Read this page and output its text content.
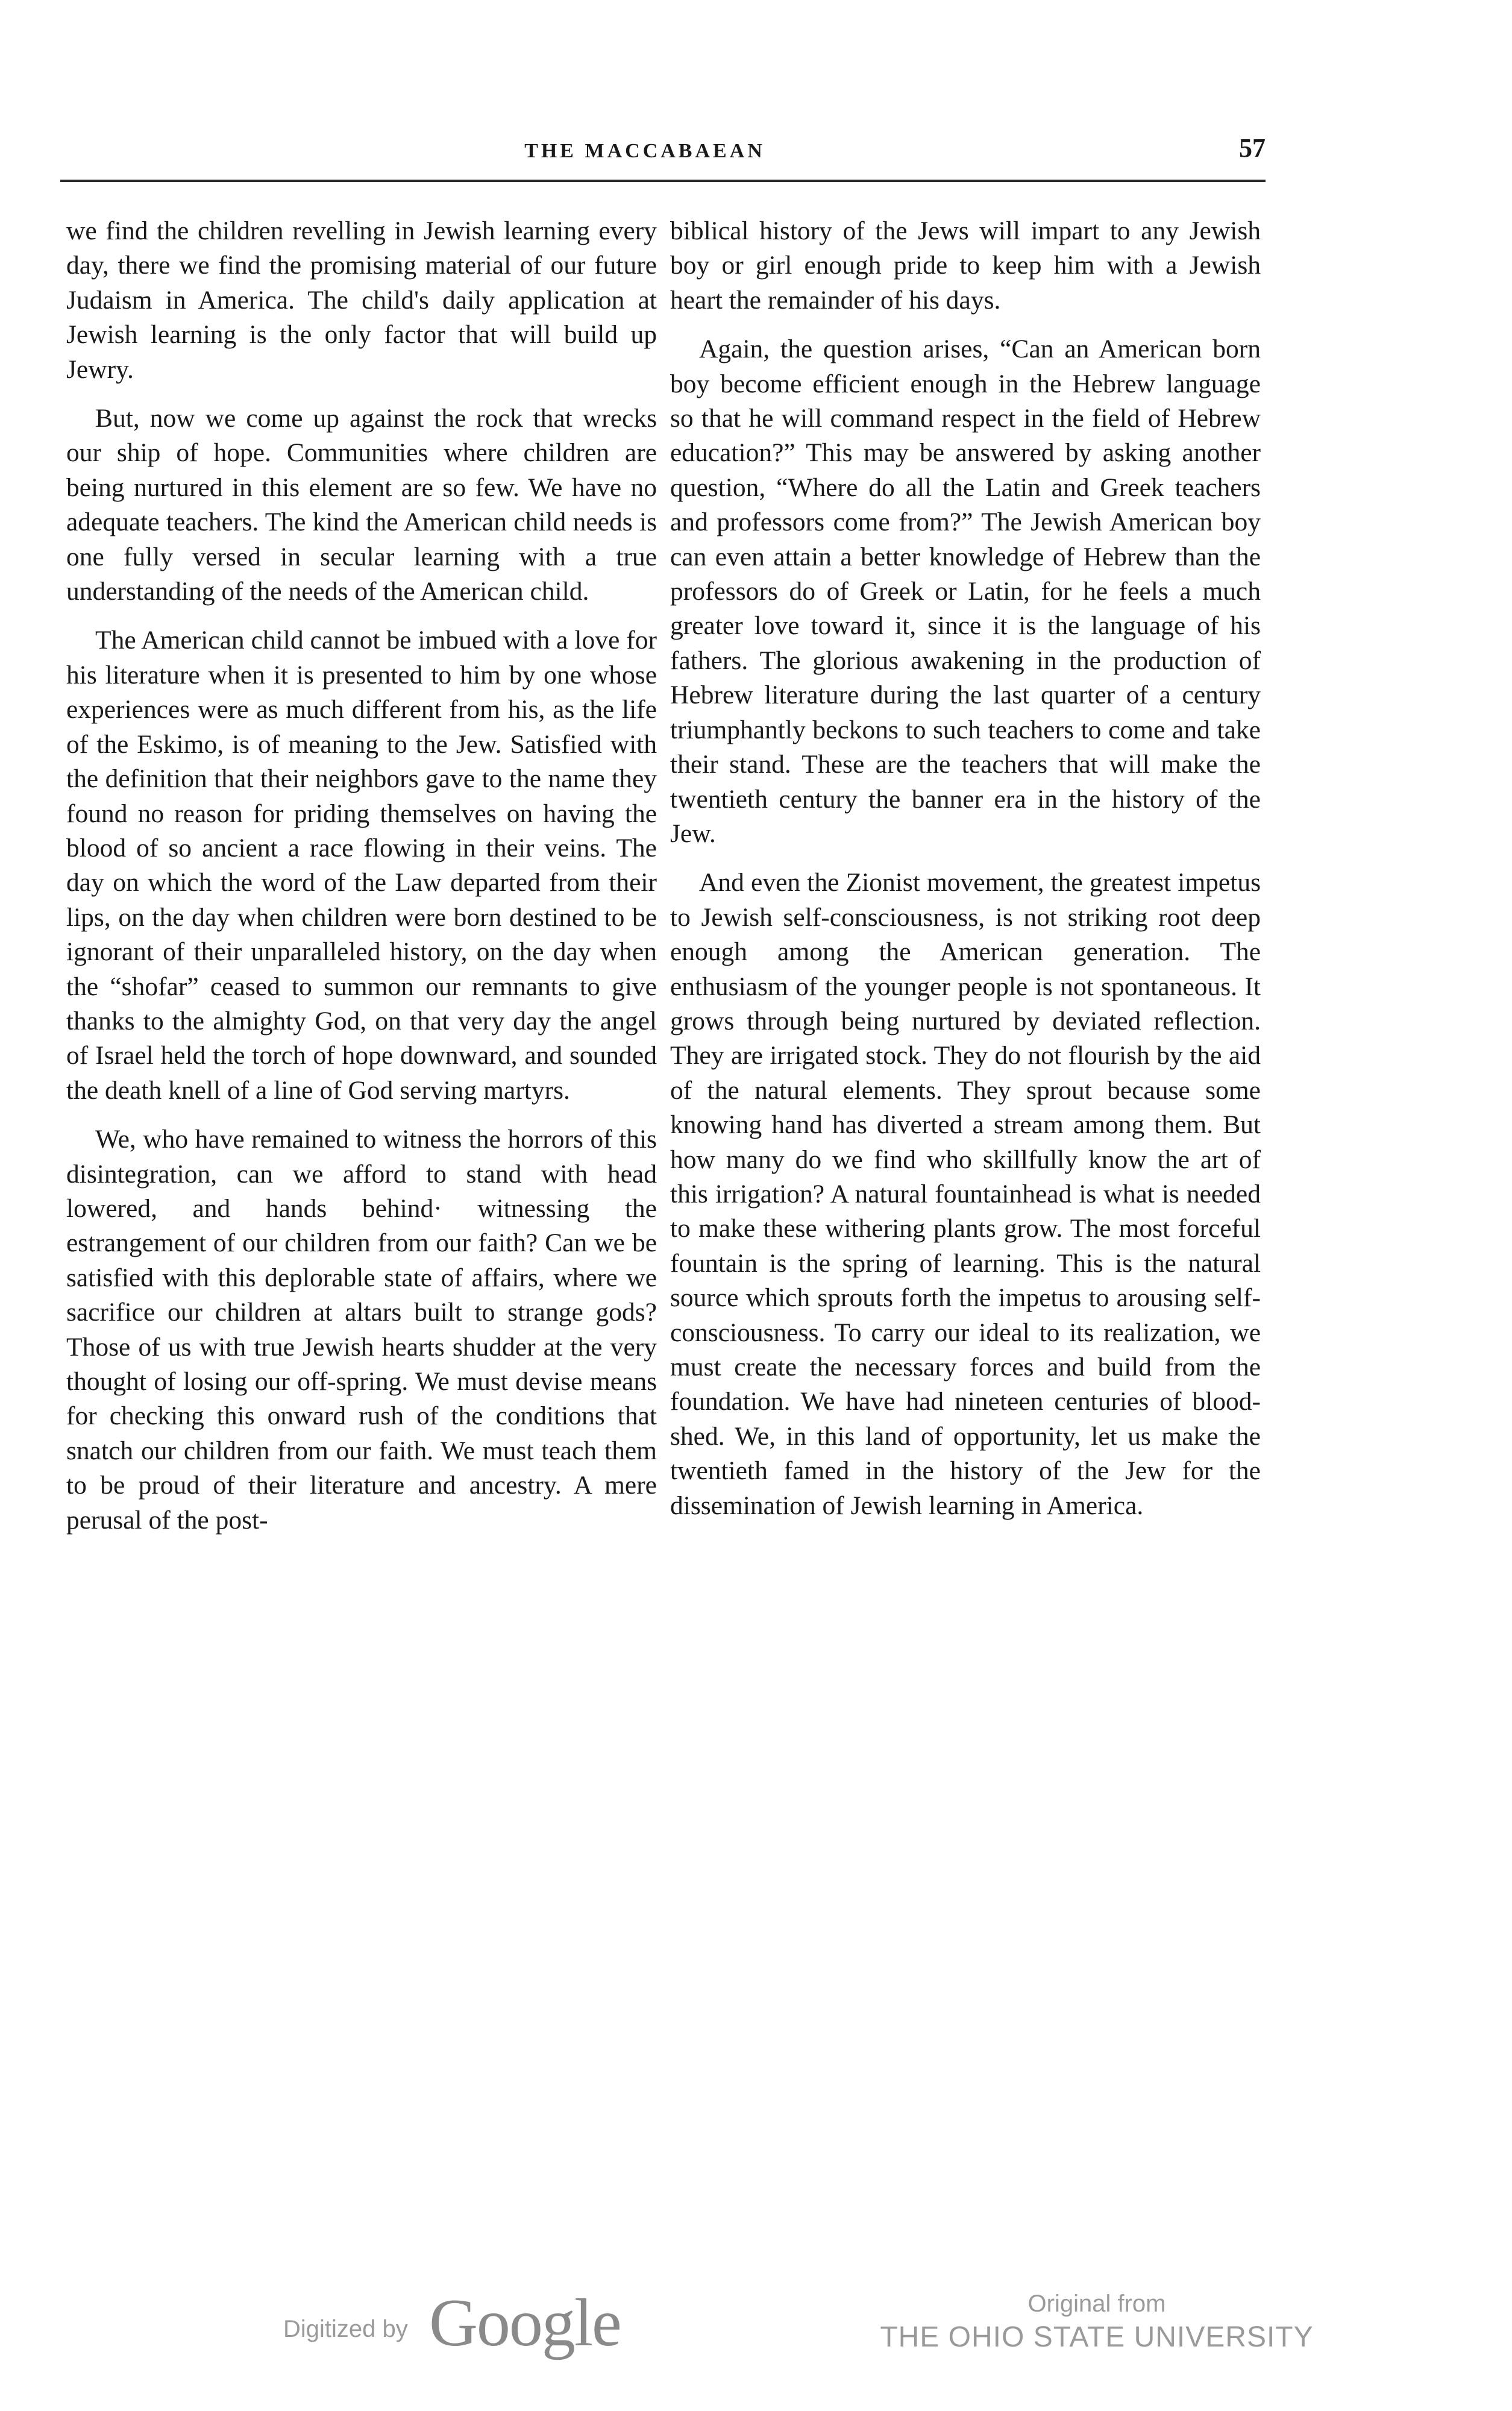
THE MACCABAEAN	57

we find the children revelling in Jewish learning every day, there we find the promising material of our future Judaism in America. The child's daily application at Jewish learning is the only factor that will build up Jewry.

But, now we come up against the rock that wrecks our ship of hope. Communities where children are being nurtured in this element are so few. We have no adequate teachers. The kind the American child needs is one fully versed in secular learning with a true understanding of the needs of the American child.

The American child cannot be imbued with a love for his literature when it is presented to him by one whose experiences were as much different from his, as the life of the Eskimo, is of meaning to the Jew. Satisfied with the definition that their neighbors gave to the name they found no reason for priding themselves on having the blood of so ancient a race flowing in their veins. The day on which the word of the Law departed from their lips, on the day when children were born destined to be ignorant of their unparalleled history, on the day when the “shofar” ceased to summon our remnants to give thanks to the almighty God, on that very day the angel of Israel held the torch of hope downward, and sounded the death knell of a line of God serving martyrs.

We, who have remained to witness the horrors of this disintegration, can we afford to stand with head lowered, and hands behind· witnessing the estrangement of our children from our faith? Can we be satisfied with this deplorable state of affairs, where we sacrifice our children at altars built to strange gods? Those of us with true Jewish hearts shudder at the very thought of losing our off-spring. We must devise means for checking this onward rush of the conditions that snatch our children from our faith. We must teach them to be proud of their literature and ancestry. A mere perusal of the post-

biblical history of the Jews will impart to any Jewish boy or girl enough pride to keep him with a Jewish heart the remainder of his days.

Again, the question arises, “Can an American born boy become efficient enough in the Hebrew language so that he will command respect in the field of Hebrew education?” This may be answered by asking another question, “Where do all the Latin and Greek teachers and professors come from?” The Jewish American boy can even attain a better knowledge of Hebrew than the professors do of Greek or Latin, for he feels a much greater love toward it, since it is the language of his fathers. The glorious awakening in the production of Hebrew literature during the last quarter of a century triumphantly beckons to such teachers to come and take their stand. These are the teachers that will make the twentieth century the banner era in the history of the Jew.

And even the Zionist movement, the greatest impetus to Jewish self-consciousness, is not striking root deep enough among the American generation. The enthusiasm of the younger people is not spontaneous. It grows through being nurtured by deviated reflection. They are irrigated stock. They do not flourish by the aid of the natural elements. They sprout because some knowing hand has diverted a stream among them. But how many do we find who skillfully know the art of this irrigation? A natural fountainhead is what is needed to make these withering plants grow. The most forceful fountain is the spring of learning. This is the natural source which sprouts forth the impetus to arousing self-consciousness. To carry our ideal to its realization, we must create the necessary forces and build from the foundation. We have had nineteen centuries of blood-shed. We, in this land of opportunity, let us make the twentieth famed in the history of the Jew for the dissemination of Jewish learning in America.

Digitized by Google	Original from
THE OHIO STATE UNIVERSITY
